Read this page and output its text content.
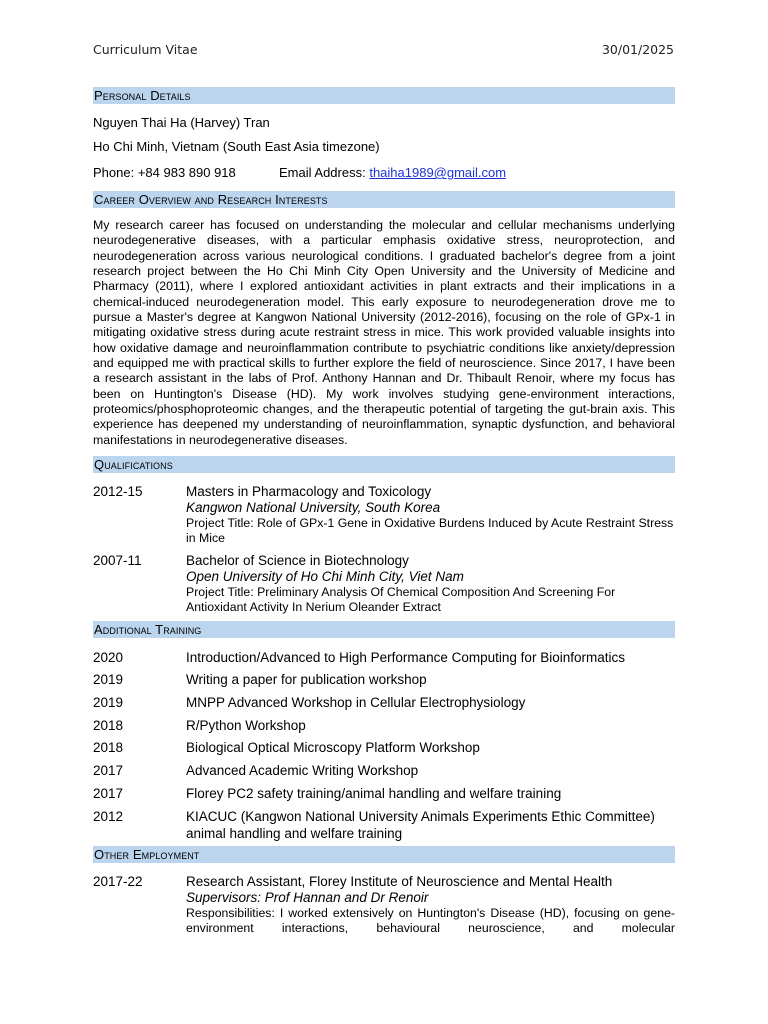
Curriculum Vitae	30/01/2025
Personal Details
Nguyen Thai Ha (Harvey) Tran
Ho Chi Minh, Vietnam (South East Asia timezone)
Phone: +84 983 890 918	Email Address: thaiha1989@gmail.com
Career Overview and Research Interests
My research career has focused on understanding the molecular and cellular mechanisms underlying neurodegenerative diseases, with a particular emphasis oxidative stress, neuroprotection, and neurodegeneration across various neurological conditions. I graduated bachelor's degree from a joint research project between the Ho Chi Minh City Open University and the University of Medicine and Pharmacy (2011), where I explored antioxidant activities in plant extracts and their implications in a chemical-induced neurodegeneration model. This early exposure to neurodegeneration drove me to pursue a Master's degree at Kangwon National University (2012-2016), focusing on the role of GPx-1 in mitigating oxidative stress during acute restraint stress in mice. This work provided valuable insights into how oxidative damage and neuroinflammation contribute to psychiatric conditions like anxiety/depression and equipped me with practical skills to further explore the field of neuroscience. Since 2017, I have been a research assistant in the labs of Prof. Anthony Hannan and Dr. Thibault Renoir, where my focus has been on Huntington's Disease (HD). My work involves studying gene-environment interactions, proteomics/phosphoproteomic changes, and the therapeutic potential of targeting the gut-brain axis. This experience has deepened my understanding of neuroinflammation, synaptic dysfunction, and behavioral manifestations in neurodegenerative diseases.
Qualifications
2012-15	Masters in Pharmacology and Toxicology
Kangwon National University, South Korea
Project Title: Role of GPx-1 Gene in Oxidative Burdens Induced by Acute Restraint Stress in Mice
2007-11	Bachelor of Science in Biotechnology
Open University of Ho Chi Minh City, Viet Nam
Project Title: Preliminary Analysis Of Chemical Composition And Screening For Antioxidant Activity In Nerium Oleander Extract
Additional Training
2020	Introduction/Advanced to High Performance Computing for Bioinformatics
2019	Writing a paper for publication workshop
2019	MNPP Advanced Workshop in Cellular Electrophysiology
2018	R/Python Workshop
2018	Biological Optical Microscopy Platform Workshop
2017	Advanced Academic Writing Workshop
2017	Florey PC2 safety training/animal handling and welfare training
2012	KIACUC (Kangwon National University Animals Experiments Ethic Committee) animal handling and welfare training
Other Employment
2017-22	Research Assistant, Florey Institute of Neuroscience and Mental Health
Supervisors: Prof Hannan and Dr Renoir
Responsibilities: I worked extensively on Huntington's Disease (HD), focusing on gene-environment interactions, behavioural neuroscience, and molecular
